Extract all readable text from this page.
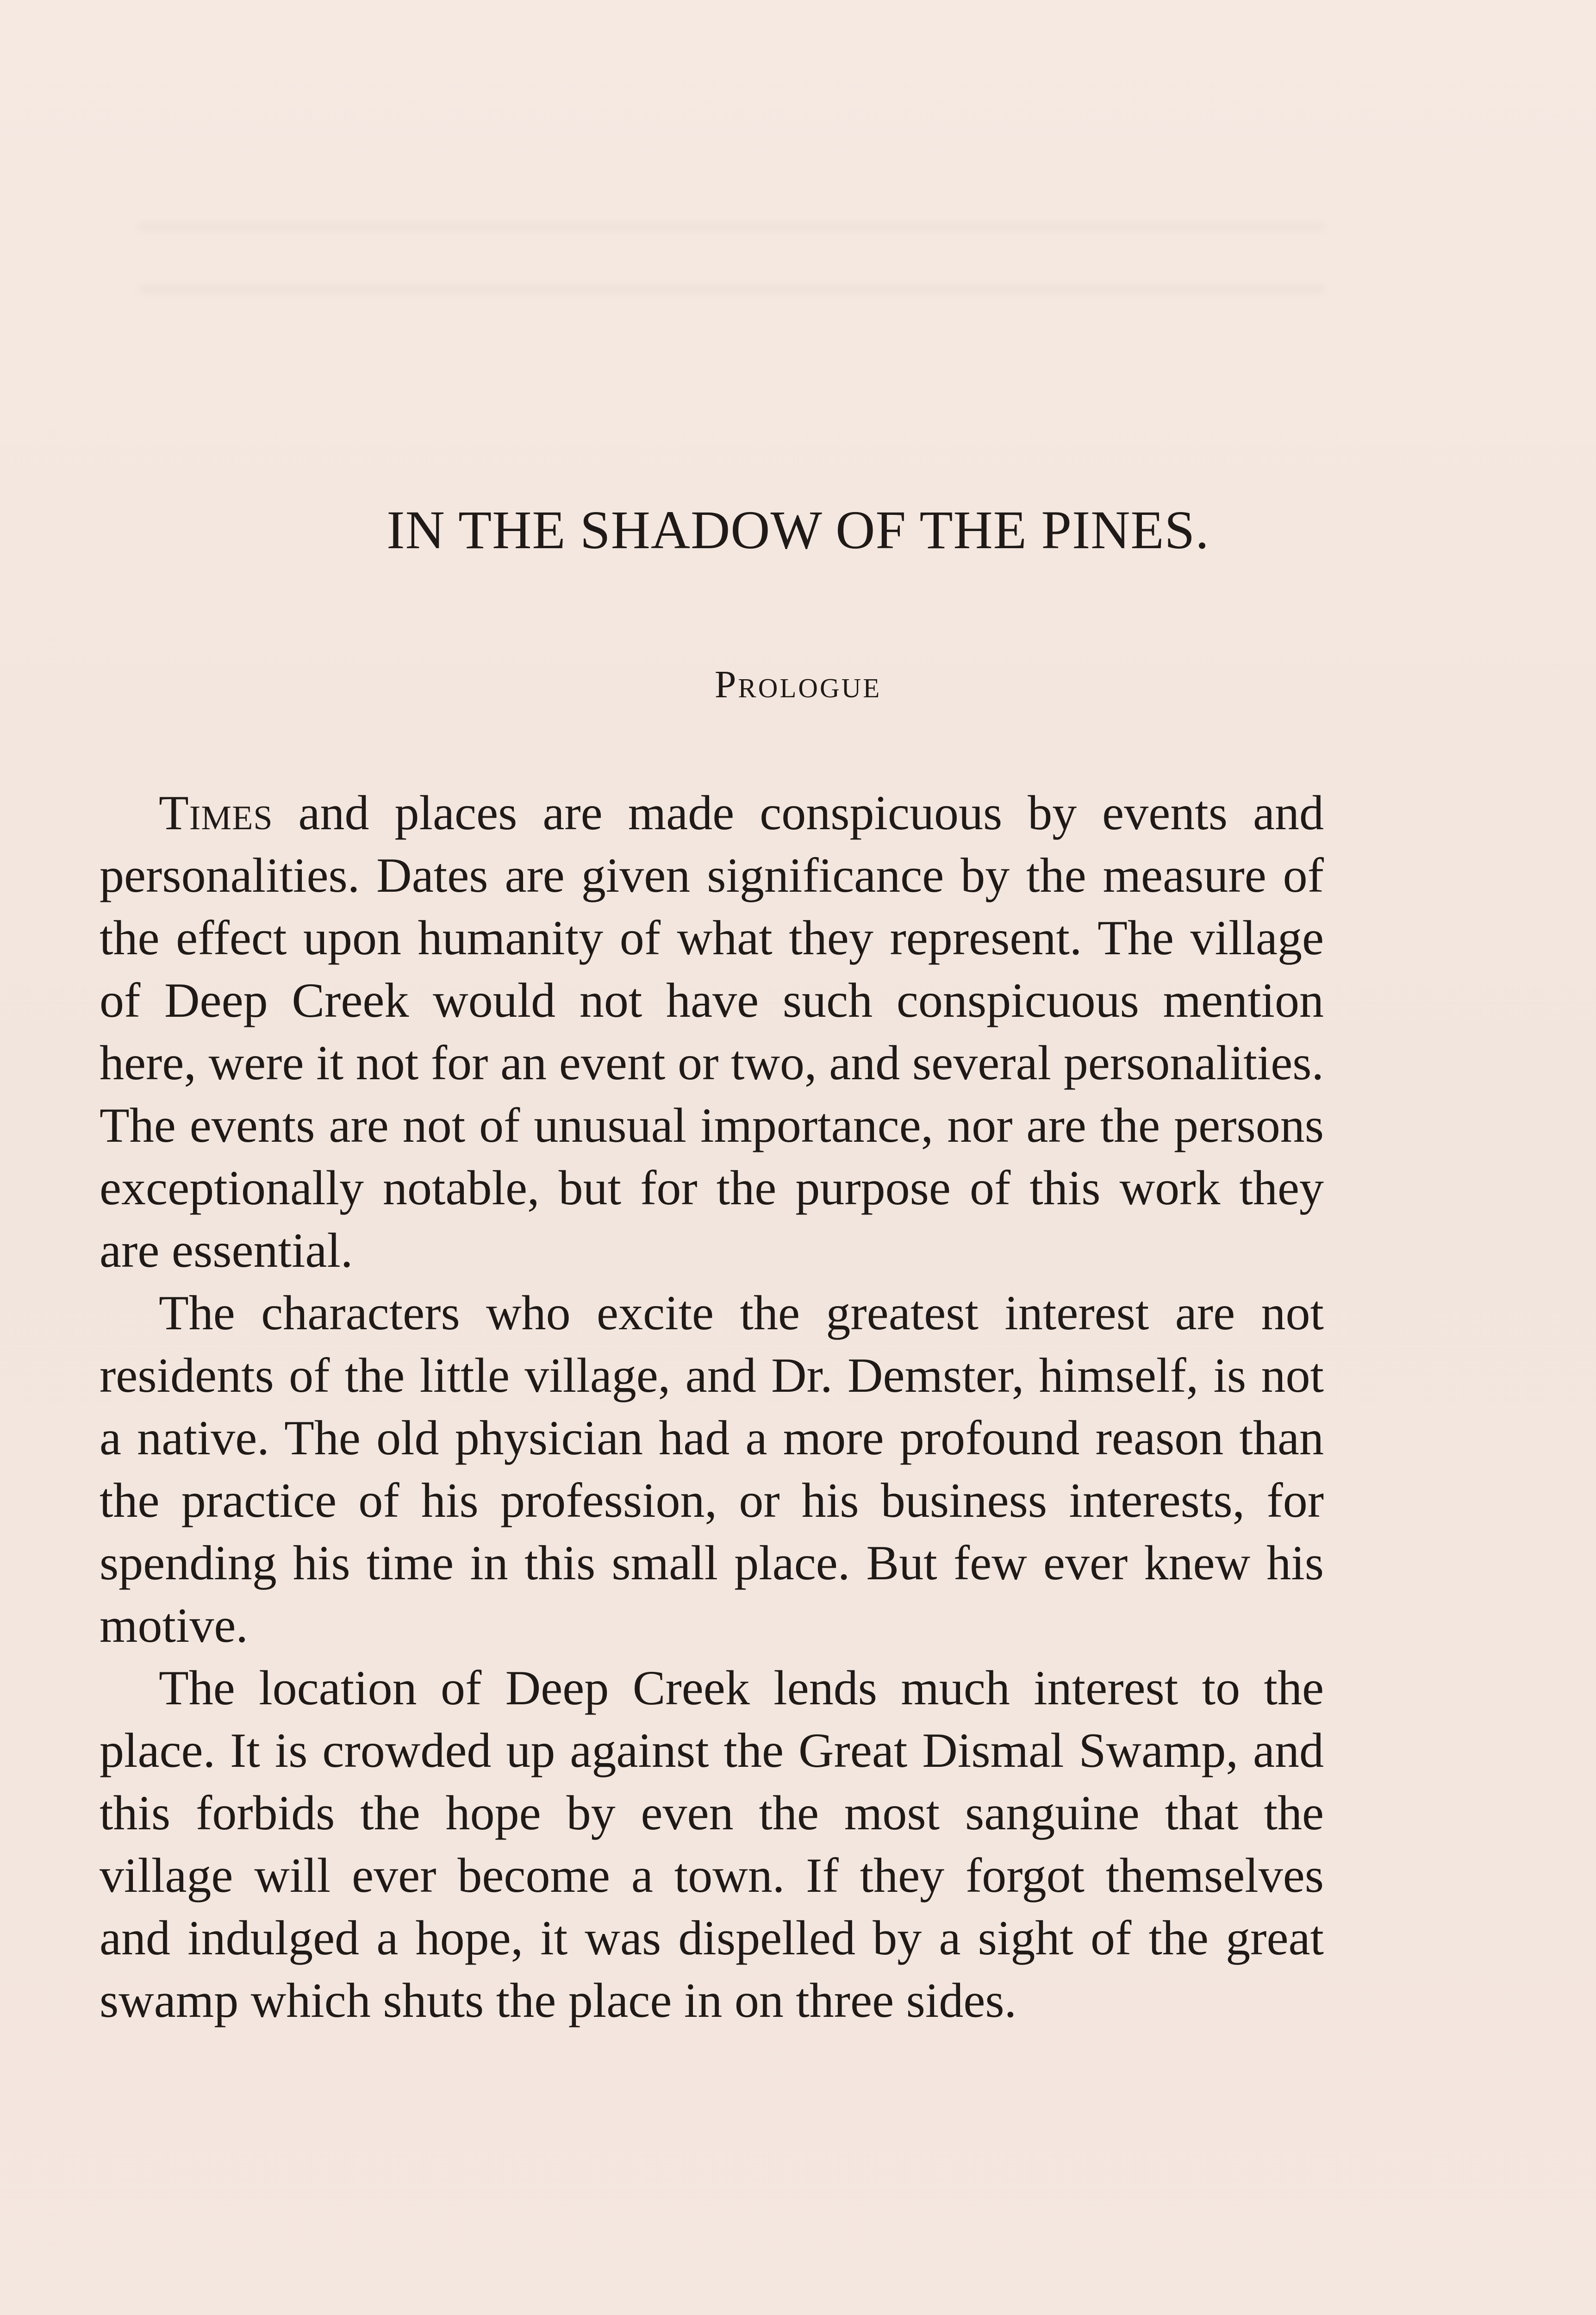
IN THE SHADOW OF THE PINES.
Prologue

Times and places are made conspicuous by events and personalities. Dates are given significance by the measure of the effect upon humanity of what they represent. The village of Deep Creek would not have such conspicuous mention here, were it not for an event or two, and several personalities. The events are not of unusual importance, nor are the persons exceptionally notable, but for the purpose of this work they are essential.

The characters who excite the greatest interest are not residents of the little village, and Dr. Demster, himself, is not a native. The old physician had a more profound reason than the practice of his profession, or his business interests, for spending his time in this small place. But few ever knew his motive.

The location of Deep Creek lends much interest to the place. It is crowded up against the Great Dismal Swamp, and this forbids the hope by even the most sanguine that the village will ever become a town. If they forgot themselves and indulged a hope, it was dispelled by a sight of the great swamp which shuts the place in on three sides.
